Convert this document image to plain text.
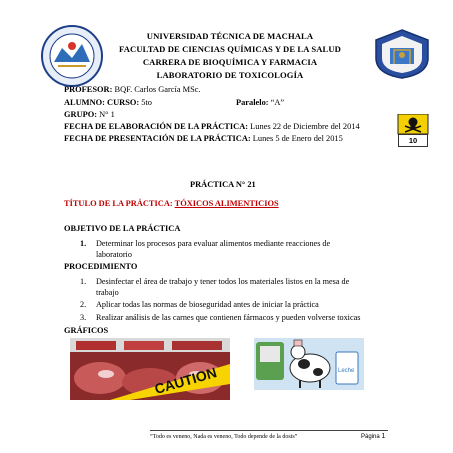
UNIVERSIDAD TÉCNICA DE MACHALA
FACULTAD DE CIENCIAS QUÍMICAS Y DE LA SALUD
CARRERA DE BIOQUÍMICA Y FARMACIA
LABORATORIO DE TOXICOLOGÍA
10
PROFESOR: BQF. Carlos García MSc.
ALUMNO: CURSO: 5to	Paralelo: “A”
GRUPO: N° 1
FECHA DE ELABORACIÓN DE LA PRÁCTICA: Lunes 22 de Diciembre del 2014
FECHA DE PRESENTACIÓN DE LA PRÁCTICA: Lunes 5 de Enero del 2015
PRÁCTICA N° 21
TÍTULO DE LA PRÁCTICA: TÓXICOS ALIMENTICIOS
OBJETIVO DE LA PRÁCTICA
1. Determinar los procesos para evaluar alimentos mediante reacciones de
laboratorio
PROCEDIMIENTO
1. Desinfectar el área de trabajo y tener todos los materiales listos en la mesa de
trabajo
2. Aplicar todas las normas de bioseguridad antes de iniciar la práctica
3. Realizar análisis de las carnes que contienen fármacos y pueden volverse toxicas
GRÁFICOS
CAUTION	Leche
“Todo es veneno, Nada es veneno, Todo depende de la dosis”	Página 1
